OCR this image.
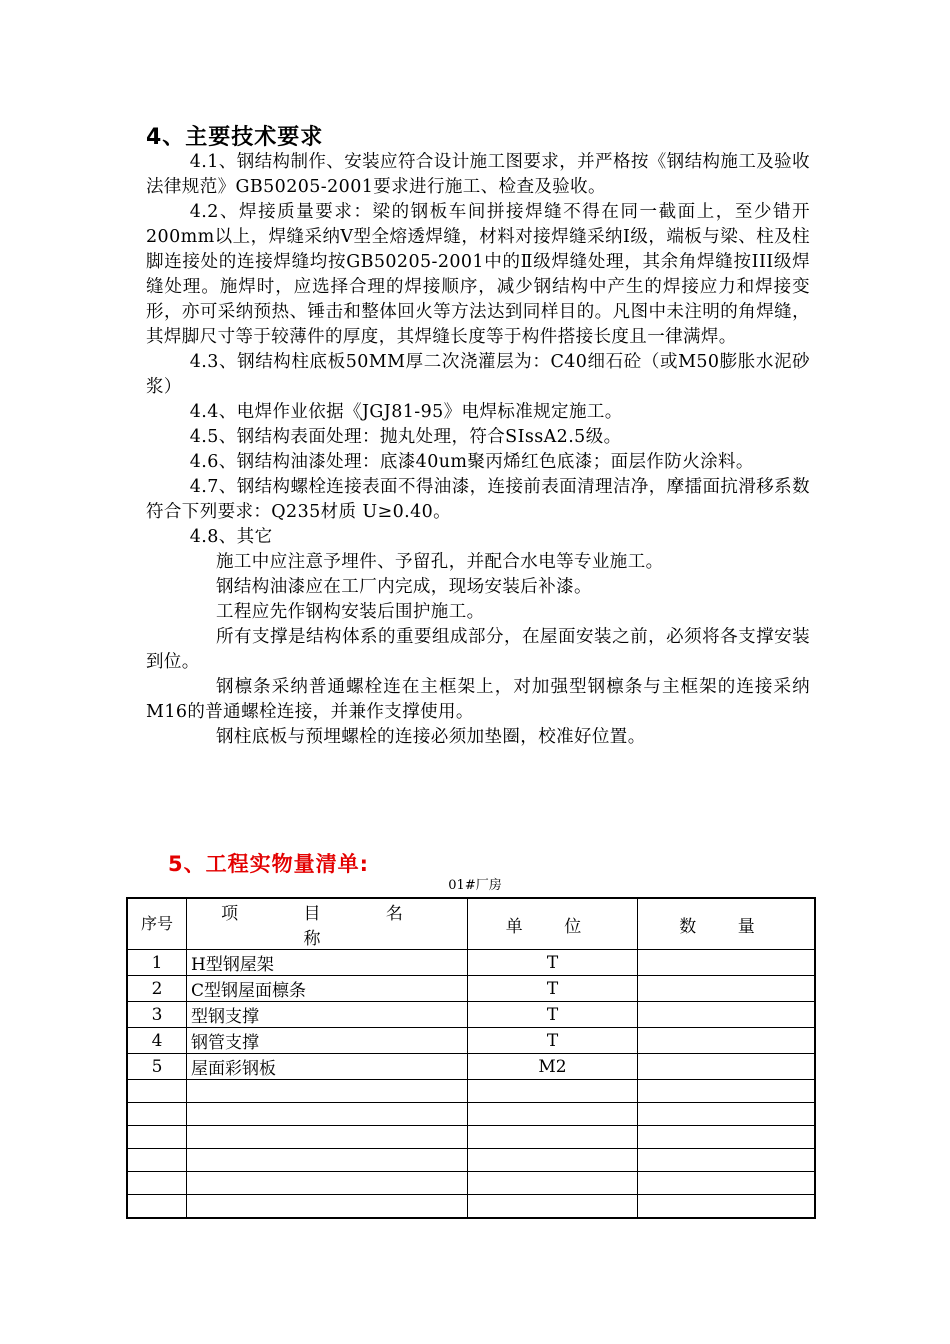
4、主要技术要求

4.1、钢结构制作、安装应符合设计施工图要求，并严格按《钢结构施工及验收法律规范》GB50205-2001要求进行施工、检查及验收。

4.2、焊接质量要求：梁的钢板车间拼接焊缝不得在同一截面上，至少错开200mm以上，焊缝采纳V型全熔透焊缝，材料对接焊缝采纳Ⅰ级，端板与梁、柱及柱脚连接处的连接焊缝均按GB50205-2001中的Ⅱ级焊缝处理，其余角焊缝按III级焊缝处理。施焊时，应选择合理的焊接顺序，减少钢结构中产生的焊接应力和焊接变形，亦可采纳预热、锤击和整体回火等方法达到同样目的。凡图中未注明的角焊缝，其焊脚尺寸等于较薄件的厚度，其焊缝长度等于构件搭接长度且一律满焊。

4.3、钢结构柱底板50MM厚二次浇灌层为：C40细石砼（或M50膨胀水泥砂浆）

4.4、电焊作业依据《JGJ81-95》电焊标准规定施工。

4.5、钢结构表面处理：抛丸处理，符合SIssA2.5级。

4.6、钢结构油漆处理：底漆40um聚丙烯红色底漆；面层作防火涂料。

4.7、钢结构螺栓连接表面不得油漆，连接前表面清理洁净，摩擂面抗滑移系数符合下列要求：Q235材质 U≥0.40。

4.8、其它

施工中应注意予埋件、予留孔，并配合水电等专业施工。

钢结构油漆应在工厂内完成，现场安装后补漆。

工程应先作钢构安装后围护施工。

所有支撑是结构体系的重要组成部分，在屋面安装之前，必须将各支撑安装到位。

钢檩条采纳普通螺栓连在主框架上，对加强型钢檩条与主框架的连接采纳M16的普通螺栓连接，并兼作支撑使用。

钢柱底板与预埋螺栓的连接必须加垫圈，校准好位置。

5、工程实物量清单:
01#厂房
序号	项 目 名 称	单 位	数 量
1	H型钢屋架	T	
2	C型钢屋面檩条	T	
3	型钢支撑	T	
4	钢管支撑	T	
5	屋面彩钢板	M2	
